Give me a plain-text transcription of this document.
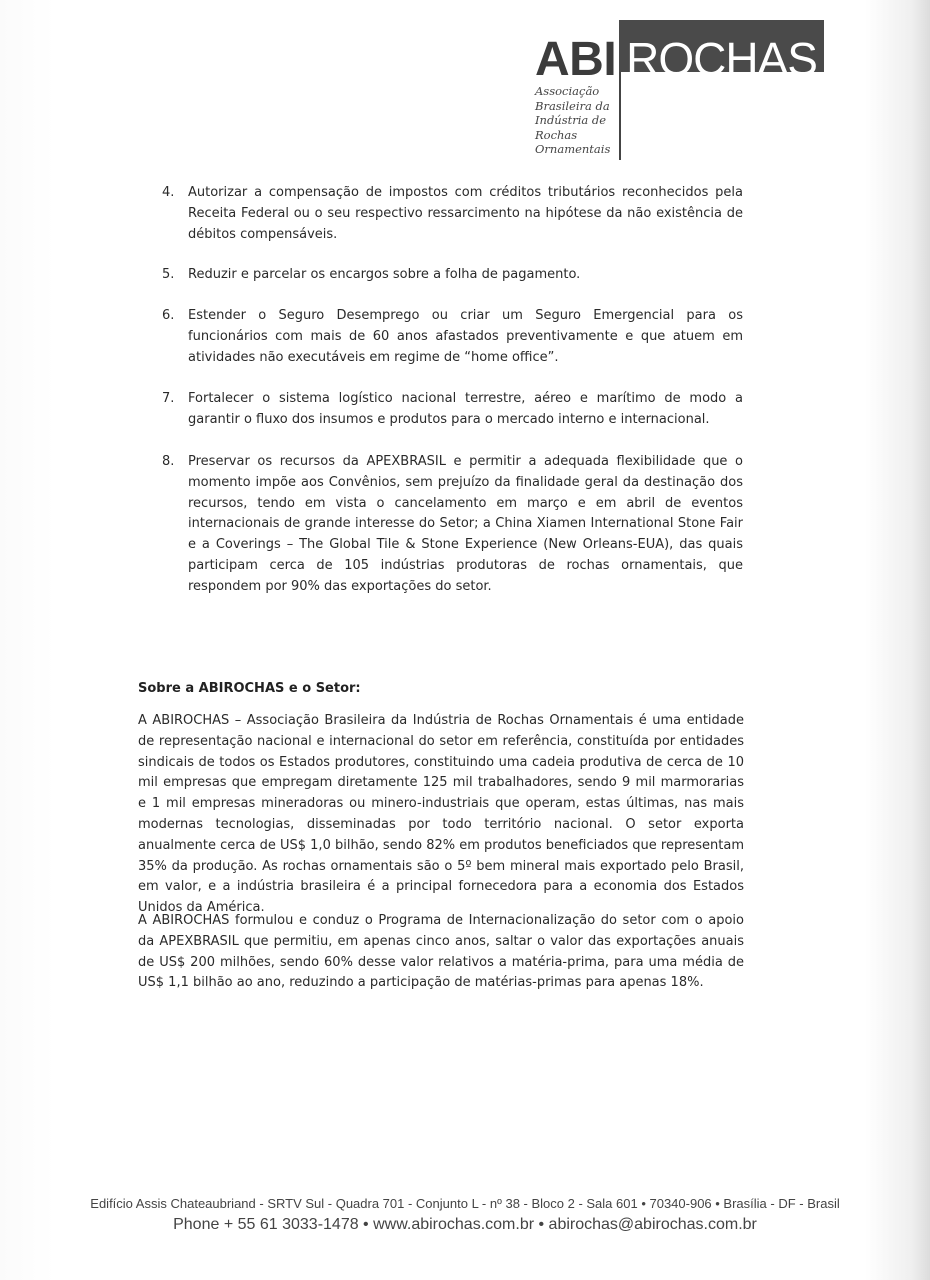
ABI ROCHAS
Associação
Brasileira da
Indústria de
Rochas
Ornamentais
4.	Autorizar a compensação de impostos com créditos tributários reconhecidos pela Receita Federal ou o seu respectivo ressarcimento na hipótese da não existência de débitos compensáveis.
5.	Reduzir e parcelar os encargos sobre a folha de pagamento.
6.	Estender o Seguro Desemprego ou criar um Seguro Emergencial para os funcionários com mais de 60 anos afastados preventivamente e que atuem em atividades não executáveis em regime de “home office”.
7.	Fortalecer o sistema logístico nacional terrestre, aéreo e marítimo de modo a garantir o fluxo dos insumos e produtos para o mercado interno e internacional.
8.	Preservar os recursos da APEXBRASIL e permitir a adequada flexibilidade que o momento impõe aos Convênios, sem prejuízo da finalidade geral da destinação dos recursos, tendo em vista o cancelamento em março e em abril de eventos internacionais de grande interesse do Setor; a China Xiamen International Stone Fair e a Coverings – The Global Tile & Stone Experience (New Orleans-EUA), das quais participam cerca de 105 indústrias produtoras de rochas ornamentais, que respondem por 90% das exportações do setor.
Sobre a ABIROCHAS e o Setor:
A ABIROCHAS – Associação Brasileira da Indústria de Rochas Ornamentais é uma entidade de representação nacional e internacional do setor em referência, constituída por entidades sindicais de todos os Estados produtores, constituindo uma cadeia produtiva de cerca de 10 mil empresas que empregam diretamente 125 mil trabalhadores, sendo 9 mil marmorarias e 1 mil empresas mineradoras ou minero-industriais que operam, estas últimas, nas mais modernas tecnologias, disseminadas por todo território nacional. O setor exporta anualmente cerca de US$ 1,0 bilhão, sendo 82% em produtos beneficiados que representam 35% da produção. As rochas ornamentais são o 5º bem mineral mais exportado pelo Brasil, em valor, e a indústria brasileira é a principal fornecedora para a economia dos Estados Unidos da América.
A ABIROCHAS formulou e conduz o Programa de Internacionalização do setor com o apoio da APEXBRASIL que permitiu, em apenas cinco anos, saltar o valor das exportações anuais de US$ 200 milhões, sendo 60% desse valor relativos a matéria-prima, para uma média de US$ 1,1 bilhão ao ano, reduzindo a participação de matérias-primas para apenas 18%.
Edifício Assis Chateaubriand - SRTV Sul - Quadra 701 - Conjunto L - nº 38 - Bloco 2 - Sala 601 • 70340-906 • Brasília - DF - Brasil
Phone + 55 61 3033-1478 • www.abirochas.com.br • abirochas@abirochas.com.br
